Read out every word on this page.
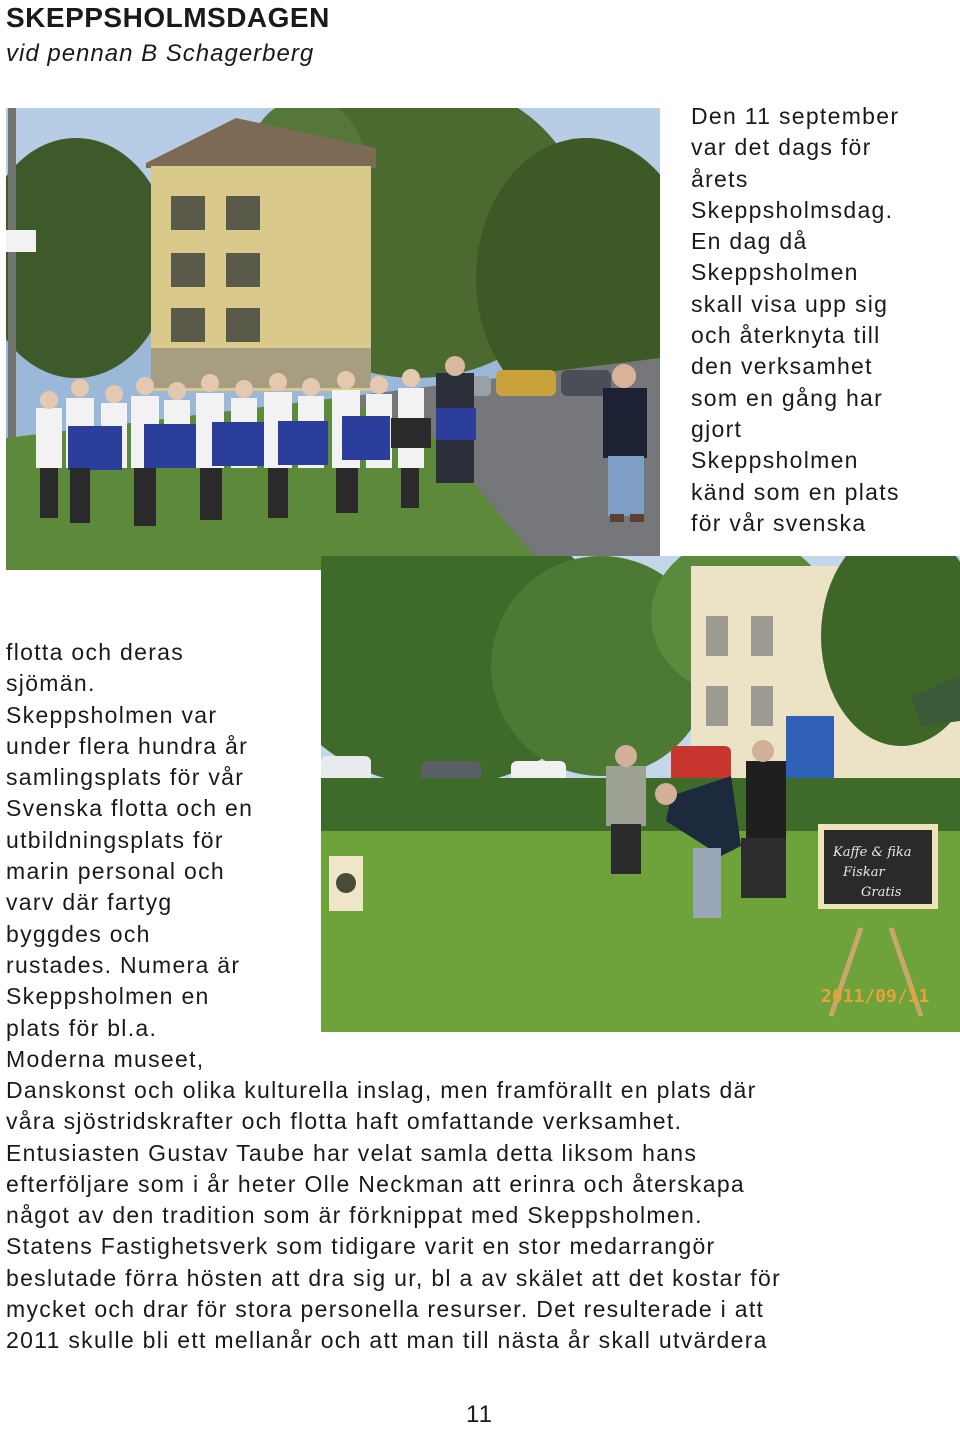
SKEPPSHOLMSDAGEN

vid pennan B Schagerberg

Den 11 september
var det dags för
årets
Skeppsholmsdag.
En dag då
Skeppsholmen
skall visa upp sig
och återknyta till
den verksamhet
som en gång har
gjort
Skeppsholmen
känd som en plats
för vår svenska

Kaffe & fika
Fiskar
Gratis
2011/09/11

flotta och deras
sjömän.
Skeppsholmen var
under flera hundra år
samlingsplats för vår
Svenska flotta och en
utbildningsplats för
marin personal och
varv där fartyg
byggdes och
rustades. Numera är
Skeppsholmen en
plats för bl.a.
Moderna museet,

Danskonst och olika kulturella inslag, men framförallt en plats där
våra sjöstridskrafter och flotta haft omfattande verksamhet.
Entusiasten Gustav Taube har velat samla detta liksom hans
efterföljare som i år heter Olle Neckman att erinra och återskapa
något av den tradition som är förknippat med Skeppsholmen.
Statens Fastighetsverk som tidigare varit en stor medarrangör
beslutade förra hösten att dra sig ur, bl a av skälet att det kostar för
mycket och drar för stora personella resurser. Det resulterade i att
2011 skulle bli ett mellanår och att man till nästa år skall utvärdera

11
